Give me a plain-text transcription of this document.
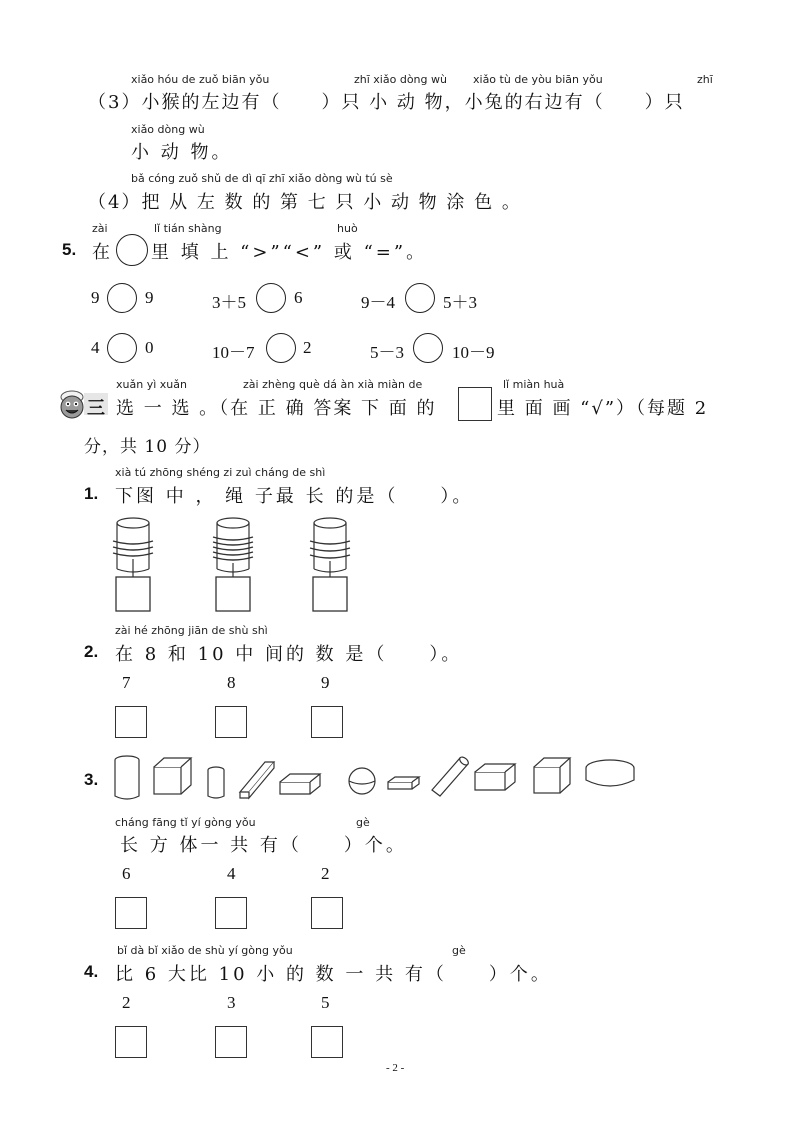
xiǎo hóu de zuǒ biān yǒu	zhī xiǎo dòng wù xiǎo tù de yòu biān yǒu	zhī
（3）小猴的左边有（　　）只 小 动 物，小兔的右边有（　　）只
xiǎo dòng wù
小 动 物。
bǎ cóng zuǒ shǔ de dì qī zhī xiǎo dòng wù tú sè
（4）把 从 左 数 的 第 七 只 小 动 物 涂 色 。
zài	lǐ tián shàng	huò
5. 在 里 填 上 “>”“<” 或 “=”。
9	9	3＋5	6	9－4	5＋3
4	0	10－7	2	5－3	10－9
xuǎn yì xuǎn	zài zhèng què dá àn xià miàn de	lǐ miàn huà
三 选 一 选 。（在 正 确 答案 下 面 的	里 面 画 “√”）（每题 2
分，共 10 分）
xià tú zhōng shéng zi zuì cháng de shì
1. 下图 中 ， 绳 子最 长 的是（　　）。
zài hé zhōng jiān de shù shì
2. 在 8 和 10 中 间的 数 是（　　）。
7	8	9
3.
cháng fāng tǐ yí gòng yǒu	gè
长 方 体一 共 有（　　）个。
6	4	2
bǐ dà bǐ xiǎo de shù yí gòng yǒu	gè
4. 比 6 大比 10 小 的 数 一 共 有（　　）个。
2	3	5
- 2 -
